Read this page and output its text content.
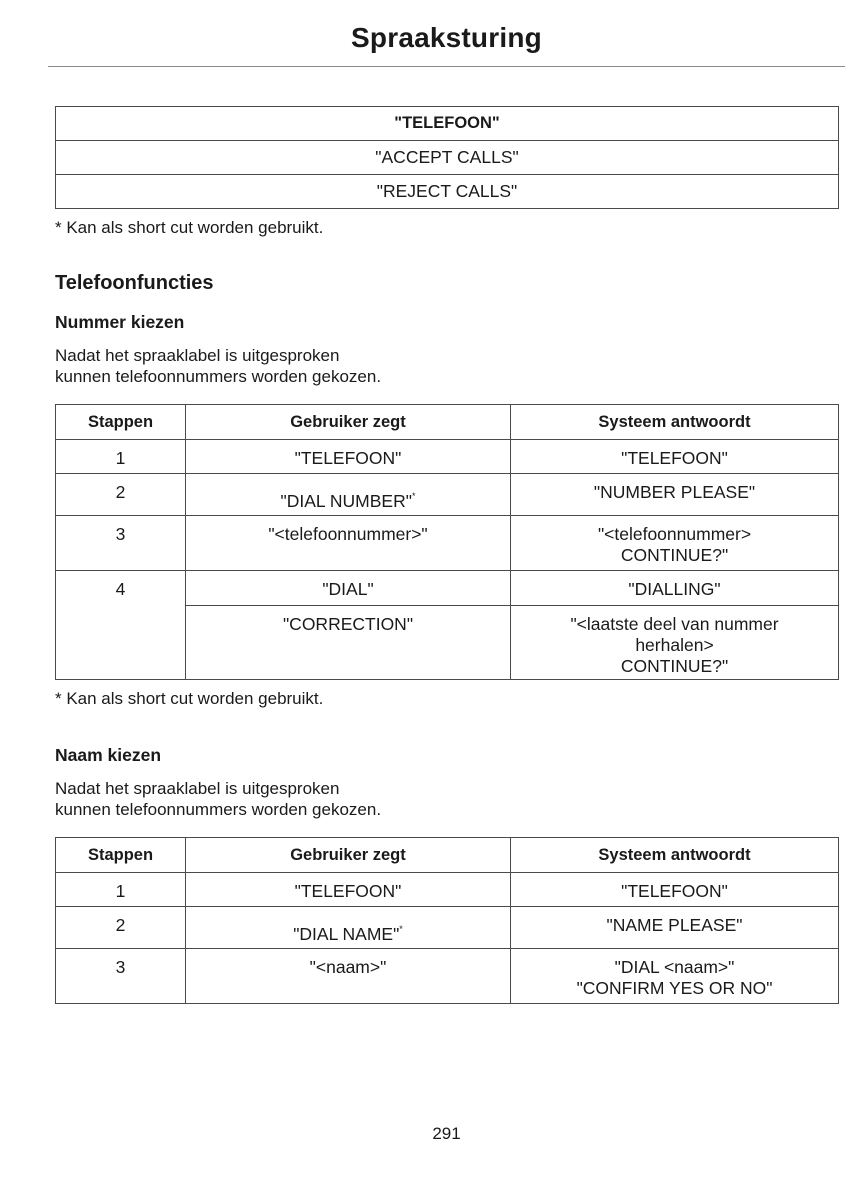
Spraaksturing
"TELEFOON"
"ACCEPT CALLS"
"REJECT CALLS"
* Kan als short cut worden gebruikt.
Telefoonfuncties
Nummer kiezen
Nadat het spraaklabel is uitgesproken
kunnen telefoonnummers worden gekozen.
Stappen	Gebruiker zegt	Systeem antwoordt
1	"TELEFOON"	"TELEFOON"
2	"DIAL NUMBER"*	"NUMBER PLEASE"
3	"<telefoonnummer>"	"<telefoonnummer>
CONTINUE?"

4	"DIAL"	"DIALLING"
	"CORRECTION"	"<laatste deel van nummer
herhalen>
CONTINUE?"
* Kan als short cut worden gebruikt.
Naam kiezen
Nadat het spraaklabel is uitgesproken
kunnen telefoonnummers worden gekozen.
Stappen	Gebruiker zegt	Systeem antwoordt
1	"TELEFOON"	"TELEFOON"
2	"DIAL NAME"*	"NAME PLEASE"
3	"<naam>"	"DIAL <naam>"
"CONFIRM YES OR NO"
291
